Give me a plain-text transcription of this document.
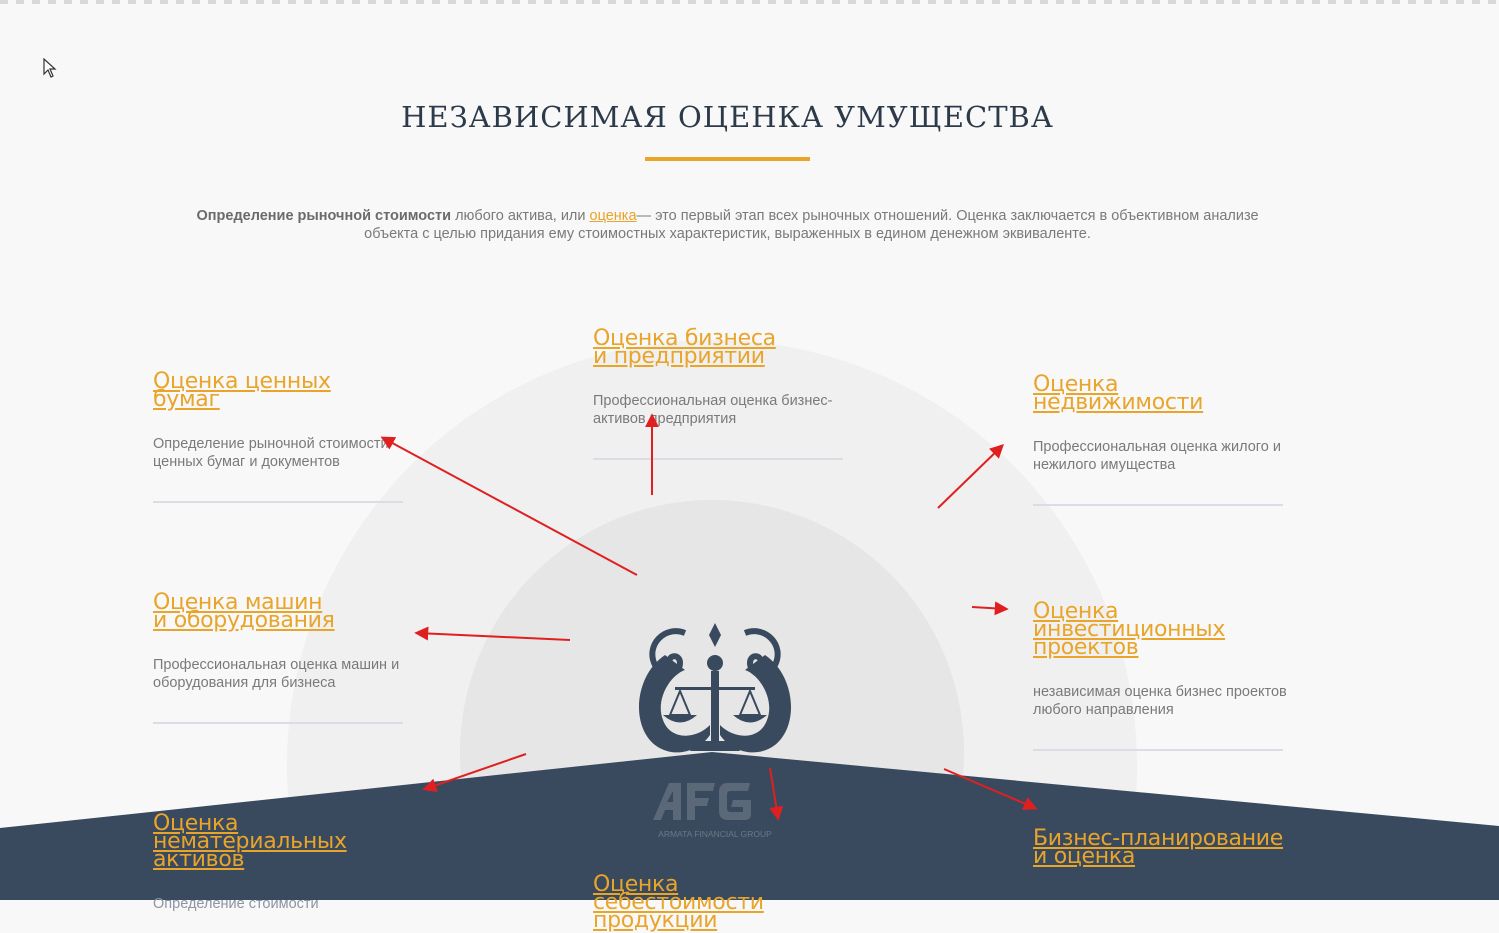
НЕЗАВИСИМАЯ ОЦЕНКА УМУЩЕСТВА

Определение рыночной стоимости любого актива, или оценка— это первый этап всех рыночных отношений. Оценка заключается в объективном анализе объекта с целью придания ему стоимостных характеристик, выраженных в едином денежном эквиваленте.

Оценка ценных бумаг
Определение рыночной стоимости ценных бумаг и документов
Оценка бизнеса и предприятии
Профессиональная оценка бизнес-активов предприятия
Оценка недвижимости
Профессиональная оценка жилого и нежилого имущества
Оценка машин и оборудования
Профессиональная оценка машин и оборудования для бизнеса
Оценка инвестиционных проектов
независимая оценка бизнес проектов любого направления
Оценка нематериальных активов
Определение стоимости
Оценка себестоимости продукции
Бизнес-планирование и оценка
ARMATA FINANCIAL GROUP
